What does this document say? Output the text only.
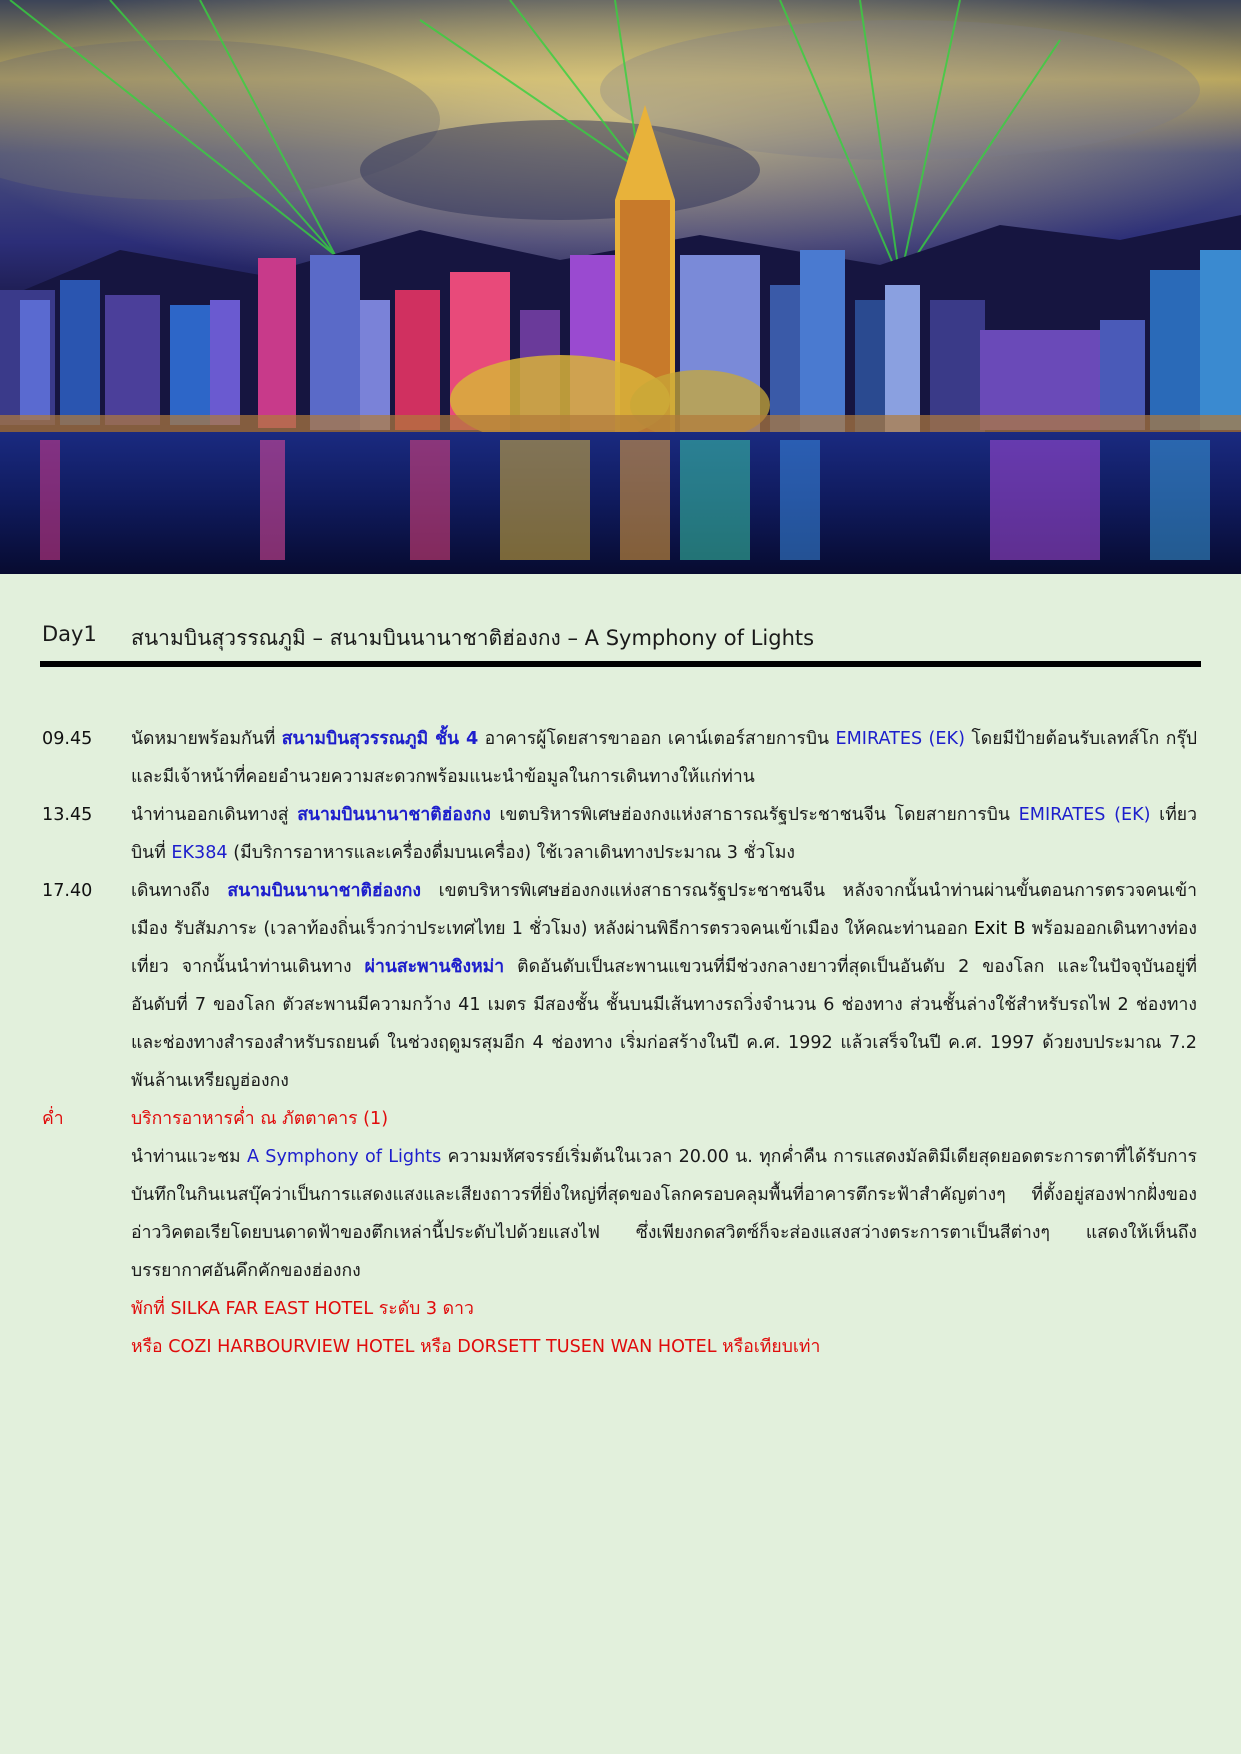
Day1 สนามบินสุวรรณภูมิ – สนามบินนานาชาติฮ่องกง – A Symphony of Lights
09.45	นัดหมายพร้อมกันที่ สนามบินสุวรรณภูมิ ชั้น 4 อาคารผู้โดยสารขาออก เคาน์เตอร์สายการบิน EMIRATES (EK) โดยมีป้ายต้อนรับเลทส์โก กรุ๊ป และมีเจ้าหน้าที่คอยอำนวยความสะดวกพร้อมแนะนำข้อมูลในการเดินทางให้แก่ท่าน
13.45	นำท่านออกเดินทางสู่ สนามบินนานาชาติฮ่องกง เขตบริหารพิเศษฮ่องกงแห่งสาธารณรัฐประชาชนจีน โดยสายการบิน EMIRATES (EK) เที่ยวบินที่ EK384 (มีบริการอาหารและเครื่องดื่มบนเครื่อง) ใช้เวลาเดินทางประมาณ 3 ชั่วโมง
17.40	เดินทางถึง สนามบินนานาชาติฮ่องกง เขตบริหารพิเศษฮ่องกงแห่งสาธารณรัฐประชาชนจีน หลังจากนั้นนำท่านผ่านขั้นตอนการตรวจคนเข้าเมือง รับสัมภาระ (เวลาท้องถิ่นเร็วกว่าประเทศไทย 1 ชั่วโมง) หลังผ่านพิธีการตรวจคนเข้าเมือง ให้คณะท่านออก Exit B พร้อมออกเดินทางท่องเที่ยว จากนั้นนำท่านเดินทาง ผ่านสะพานชิงหม่า ติดอันดับเป็นสะพานแขวนที่มีช่วงกลางยาวที่สุดเป็นอันดับ 2 ของโลก และในปัจจุบันอยู่ที่อันดับที่ 7 ของโลก ตัวสะพานมีความกว้าง 41 เมตร มีสองชั้น ชั้นบนมีเส้นทางรถวิ่งจำนวน 6 ช่องทาง ส่วนชั้นล่างใช้สำหรับรถไฟ 2 ช่องทาง และช่องทางสำรองสำหรับรถยนต์ ในช่วงฤดูมรสุมอีก 4 ช่องทาง เริ่มก่อสร้างในปี ค.ศ. 1992 แล้วเสร็จในปี ค.ศ. 1997 ด้วยงบประมาณ 7.2 พันล้านเหรียญฮ่องกง
ค่ำ	บริการอาหารค่ำ ณ ภัตตาคาร (1)
นำท่านแวะชม A Symphony of Lights ความมหัศจรรย์เริ่มต้นในเวลา 20.00 น. ทุกค่ำคืน การแสดงมัลติมีเดียสุดยอดตระการตาที่ได้รับการบันทึกในกินเนสบุ๊คว่าเป็นการแสดงแสงและเสียงถาวรที่ยิ่งใหญ่ที่สุดของโลกครอบคลุมพื้นที่อาคารตึกระฟ้าสำคัญต่างๆ ที่ตั้งอยู่สองฟากฝั่งของอ่าววิคตอเรียโดยบนดาดฟ้าของตึกเหล่านี้ประดับไปด้วยแสงไฟ ซึ่งเพียงกดสวิตซ์ก็จะส่องแสงสว่างตระการตาเป็นสีต่างๆ แสดงให้เห็นถึงบรรยากาศอันคึกคักของฮ่องกง
พักที่ SILKA FAR EAST HOTEL ระดับ 3 ดาว
หรือ COZI HARBOURVIEW HOTEL หรือ DORSETT TUSEN WAN HOTEL หรือเทียบเท่า
